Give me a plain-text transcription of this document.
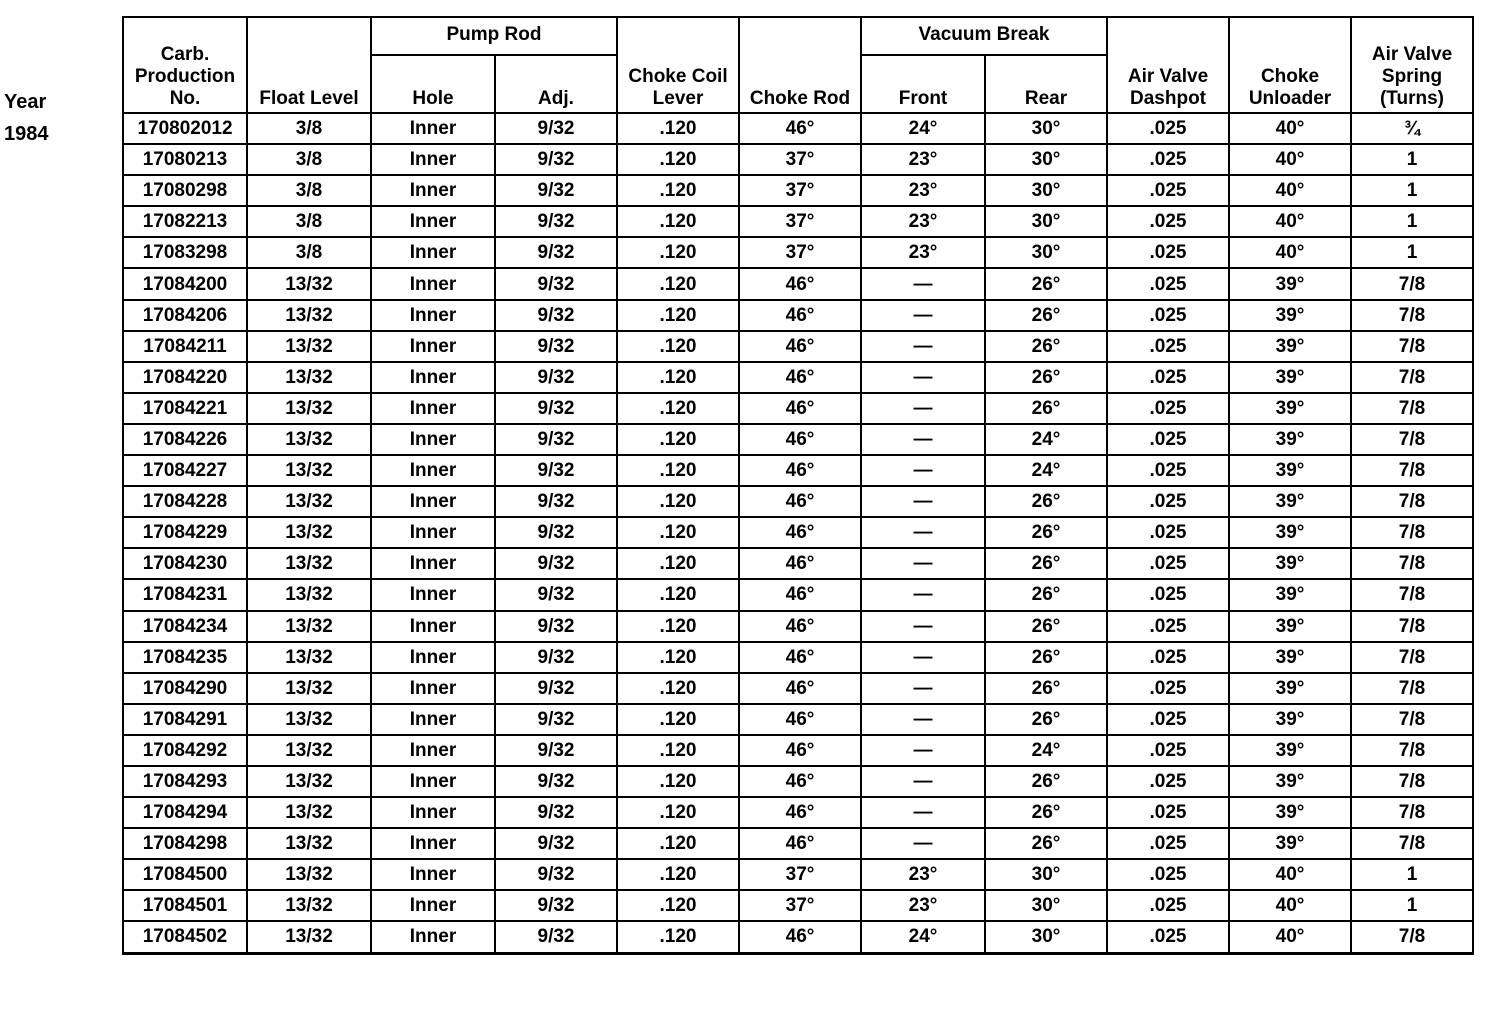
Year
1984
Carb. Production No.	Float Level	Pump Rod		Choke Coil Lever	Choke Rod	Vacuum Break		Air Valve Dashpot	Choke Unloader	Air Valve Spring (Turns)
		Hole	Adj.			Front	Rear			
170802012	3/8	Inner	9/32	.120	46°	24°	30°	.025	40°	¾
17080213	3/8	Inner	9/32	.120	37°	23°	30°	.025	40°	1
17080298	3/8	Inner	9/32	.120	37°	23°	30°	.025	40°	1
17082213	3/8	Inner	9/32	.120	37°	23°	30°	.025	40°	1
17083298	3/8	Inner	9/32	.120	37°	23°	30°	.025	40°	1
17084200	13/32	Inner	9/32	.120	46°	—	26°	.025	39°	7/8
17084206	13/32	Inner	9/32	.120	46°	—	26°	.025	39°	7/8
17084211	13/32	Inner	9/32	.120	46°	—	26°	.025	39°	7/8
17084220	13/32	Inner	9/32	.120	46°	—	26°	.025	39°	7/8
17084221	13/32	Inner	9/32	.120	46°	—	26°	.025	39°	7/8
17084226	13/32	Inner	9/32	.120	46°	—	24°	.025	39°	7/8
17084227	13/32	Inner	9/32	.120	46°	—	24°	.025	39°	7/8
17084228	13/32	Inner	9/32	.120	46°	—	26°	.025	39°	7/8
17084229	13/32	Inner	9/32	.120	46°	—	26°	.025	39°	7/8
17084230	13/32	Inner	9/32	.120	46°	—	26°	.025	39°	7/8
17084231	13/32	Inner	9/32	.120	46°	—	26°	.025	39°	7/8
17084234	13/32	Inner	9/32	.120	46°	—	26°	.025	39°	7/8
17084235	13/32	Inner	9/32	.120	46°	—	26°	.025	39°	7/8
17084290	13/32	Inner	9/32	.120	46°	—	26°	.025	39°	7/8
17084291	13/32	Inner	9/32	.120	46°	—	26°	.025	39°	7/8
17084292	13/32	Inner	9/32	.120	46°	—	24°	.025	39°	7/8
17084293	13/32	Inner	9/32	.120	46°	—	26°	.025	39°	7/8
17084294	13/32	Inner	9/32	.120	46°	—	26°	.025	39°	7/8
17084298	13/32	Inner	9/32	.120	46°	—	26°	.025	39°	7/8
17084500	13/32	Inner	9/32	.120	37°	23°	30°	.025	40°	1
17084501	13/32	Inner	9/32	.120	37°	23°	30°	.025	40°	1
17084502	13/32	Inner	9/32	.120	46°	24°	30°	.025	40°	7/8
